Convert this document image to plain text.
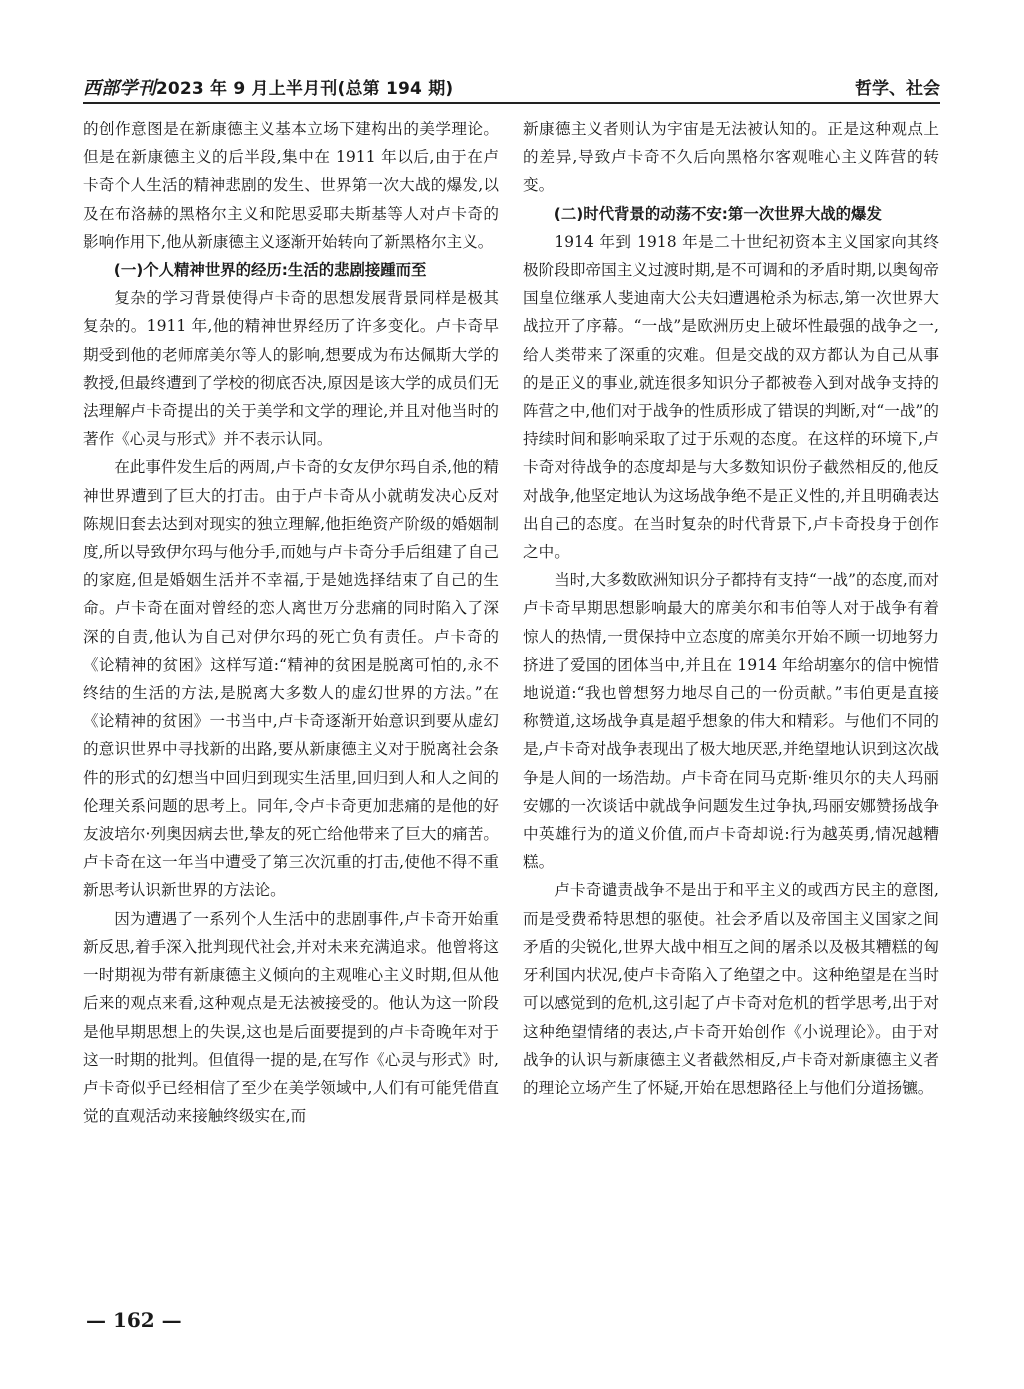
西部学刊2023 年 9 月上半月刊(总第 194 期)	哲学、社会

的创作意图是在新康德主义基本立场下建构出的美学理论。但是在新康德主义的后半段,集中在 1911 年以后,由于在卢卡奇个人生活的精神悲剧的发生、世界第一次大战的爆发,以及在布洛赫的黑格尔主义和陀思妥耶夫斯基等人对卢卡奇的影响作用下,他从新康德主义逐渐开始转向了新黑格尔主义。

(一)个人精神世界的经历:生活的悲剧接踵而至

复杂的学习背景使得卢卡奇的思想发展背景同样是极其复杂的。1911 年,他的精神世界经历了许多变化。卢卡奇早期受到他的老师席美尔等人的影响,想要成为布达佩斯大学的教授,但最终遭到了学校的彻底否决,原因是该大学的成员们无法理解卢卡奇提出的关于美学和文学的理论,并且对他当时的著作《心灵与形式》并不表示认同。

在此事件发生后的两周,卢卡奇的女友伊尔玛自杀,他的精神世界遭到了巨大的打击。由于卢卡奇从小就萌发决心反对陈规旧套去达到对现实的独立理解,他拒绝资产阶级的婚姻制度,所以导致伊尔玛与他分手,而她与卢卡奇分手后组建了自己的家庭,但是婚姻生活并不幸福,于是她选择结束了自己的生命。卢卡奇在面对曾经的恋人离世万分悲痛的同时陷入了深深的自责,他认为自己对伊尔玛的死亡负有责任。卢卡奇的《论精神的贫困》这样写道:“精神的贫困是脱离可怕的,永不终结的生活的方法,是脱离大多数人的虚幻世界的方法。”在《论精神的贫困》一书当中,卢卡奇逐渐开始意识到要从虚幻的意识世界中寻找新的出路,要从新康德主义对于脱离社会条件的形式的幻想当中回归到现实生活里,回归到人和人之间的伦理关系问题的思考上。同年,令卢卡奇更加悲痛的是他的好友波培尔·列奥因病去世,挚友的死亡给他带来了巨大的痛苦。卢卡奇在这一年当中遭受了第三次沉重的打击,使他不得不重新思考认识新世界的方法论。

因为遭遇了一系列个人生活中的悲剧事件,卢卡奇开始重新反思,着手深入批判现代社会,并对未来充满追求。他曾将这一时期视为带有新康德主义倾向的主观唯心主义时期,但从他后来的观点来看,这种观点是无法被接受的。他认为这一阶段是他早期思想上的失误,这也是后面要提到的卢卡奇晚年对于这一时期的批判。但值得一提的是,在写作《心灵与形式》时,卢卡奇似乎已经相信了至少在美学领域中,人们有可能凭借直觉的直观活动来接触终级实在,而

新康德主义者则认为宇宙是无法被认知的。正是这种观点上的差异,导致卢卡奇不久后向黑格尔客观唯心主义阵营的转变。

(二)时代背景的动荡不安:第一次世界大战的爆发

1914 年到 1918 年是二十世纪初资本主义国家向其终极阶段即帝国主义过渡时期,是不可调和的矛盾时期,以奥匈帝国皇位继承人斐迪南大公夫妇遭遇枪杀为标志,第一次世界大战拉开了序幕。“一战”是欧洲历史上破坏性最强的战争之一,给人类带来了深重的灾难。但是交战的双方都认为自己从事的是正义的事业,就连很多知识分子都被卷入到对战争支持的阵营之中,他们对于战争的性质形成了错误的判断,对“一战”的持续时间和影响采取了过于乐观的态度。在这样的环境下,卢卡奇对待战争的态度却是与大多数知识份子截然相反的,他反对战争,他坚定地认为这场战争绝不是正义性的,并且明确表达出自己的态度。在当时复杂的时代背景下,卢卡奇投身于创作之中。

当时,大多数欧洲知识分子都持有支持“一战”的态度,而对卢卡奇早期思想影响最大的席美尔和韦伯等人对于战争有着惊人的热情,一贯保持中立态度的席美尔开始不顾一切地努力挤进了爱国的团体当中,并且在 1914 年给胡塞尔的信中惋惜地说道:“我也曾想努力地尽自己的一份贡献。”韦伯更是直接称赞道,这场战争真是超乎想象的伟大和精彩。与他们不同的是,卢卡奇对战争表现出了极大地厌恶,并绝望地认识到这次战争是人间的一场浩劫。卢卡奇在同马克斯·维贝尔的夫人玛丽安娜的一次谈话中就战争问题发生过争执,玛丽安娜赞扬战争中英雄行为的道义价值,而卢卡奇却说:行为越英勇,情况越糟糕。

卢卡奇谴责战争不是出于和平主义的或西方民主的意图,而是受费希特思想的驱使。社会矛盾以及帝国主义国家之间矛盾的尖锐化,世界大战中相互之间的屠杀以及极其糟糕的匈牙利国内状况,使卢卡奇陷入了绝望之中。这种绝望是在当时可以感觉到的危机,这引起了卢卡奇对危机的哲学思考,出于对这种绝望情绪的表达,卢卡奇开始创作《小说理论》。由于对战争的认识与新康德主义者截然相反,卢卡奇对新康德主义者的理论立场产生了怀疑,开始在思想路径上与他们分道扬镳。

— 162 —
